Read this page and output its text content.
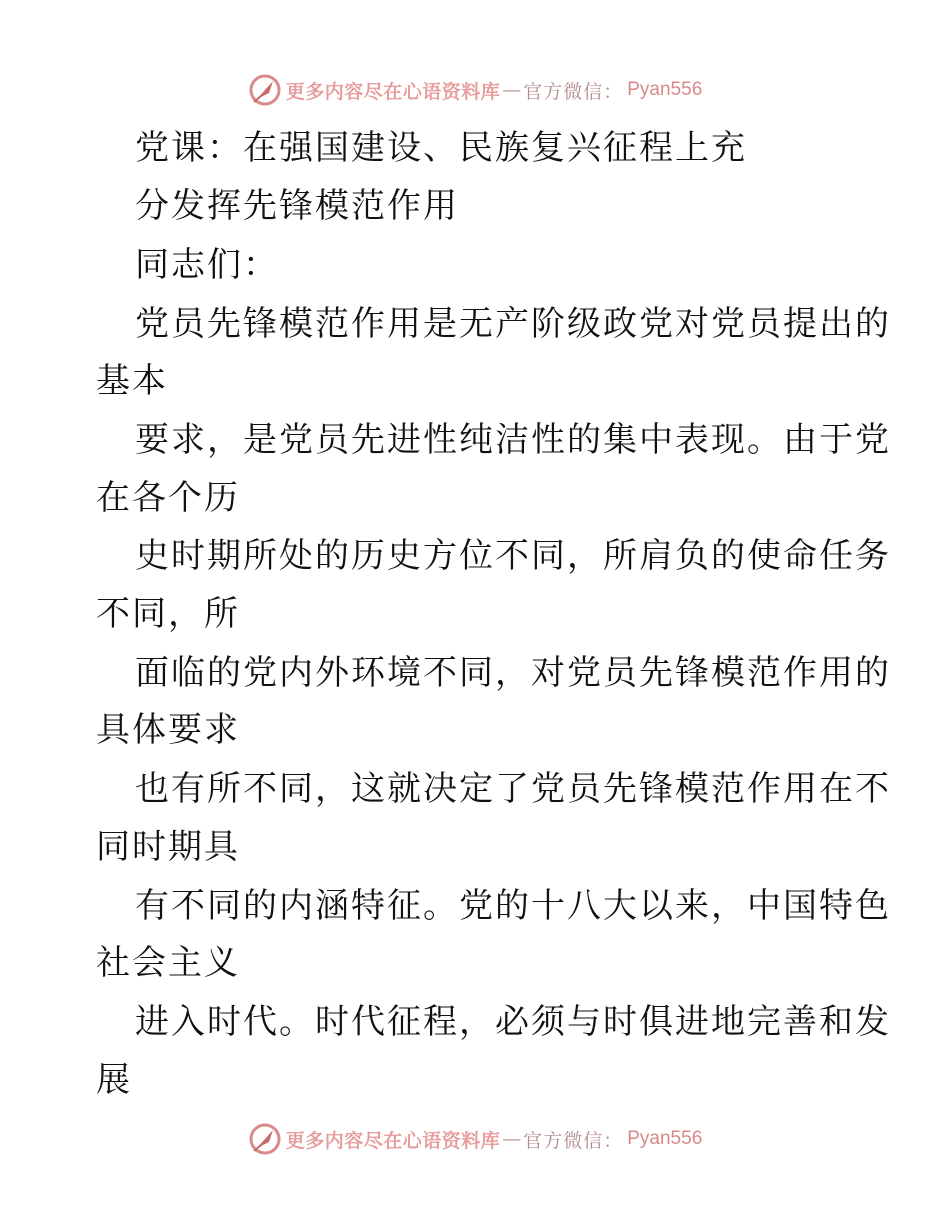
更多内容尽在心语资料库 — 官方微信： Pyan556
党课：在强国建设、民族复兴征程上充
分发挥先锋模范作用
同志们：
党员先锋模范作用是无产阶级政党对党员提出的
基本
要求，是党员先进性纯洁性的集中表现。由于党
在各个历
史时期所处的历史方位不同，所肩负的使命任务
不同，所
面临的党内外环境不同，对党员先锋模范作用的
具体要求
也有所不同，这就决定了党员先锋模范作用在不
同时期具
有不同的内涵特征。党的十八大以来，中国特色
社会主义
进入时代。时代征程，必须与时俱进地完善和发
展
更多内容尽在心语资料库 — 官方微信： Pyan556
